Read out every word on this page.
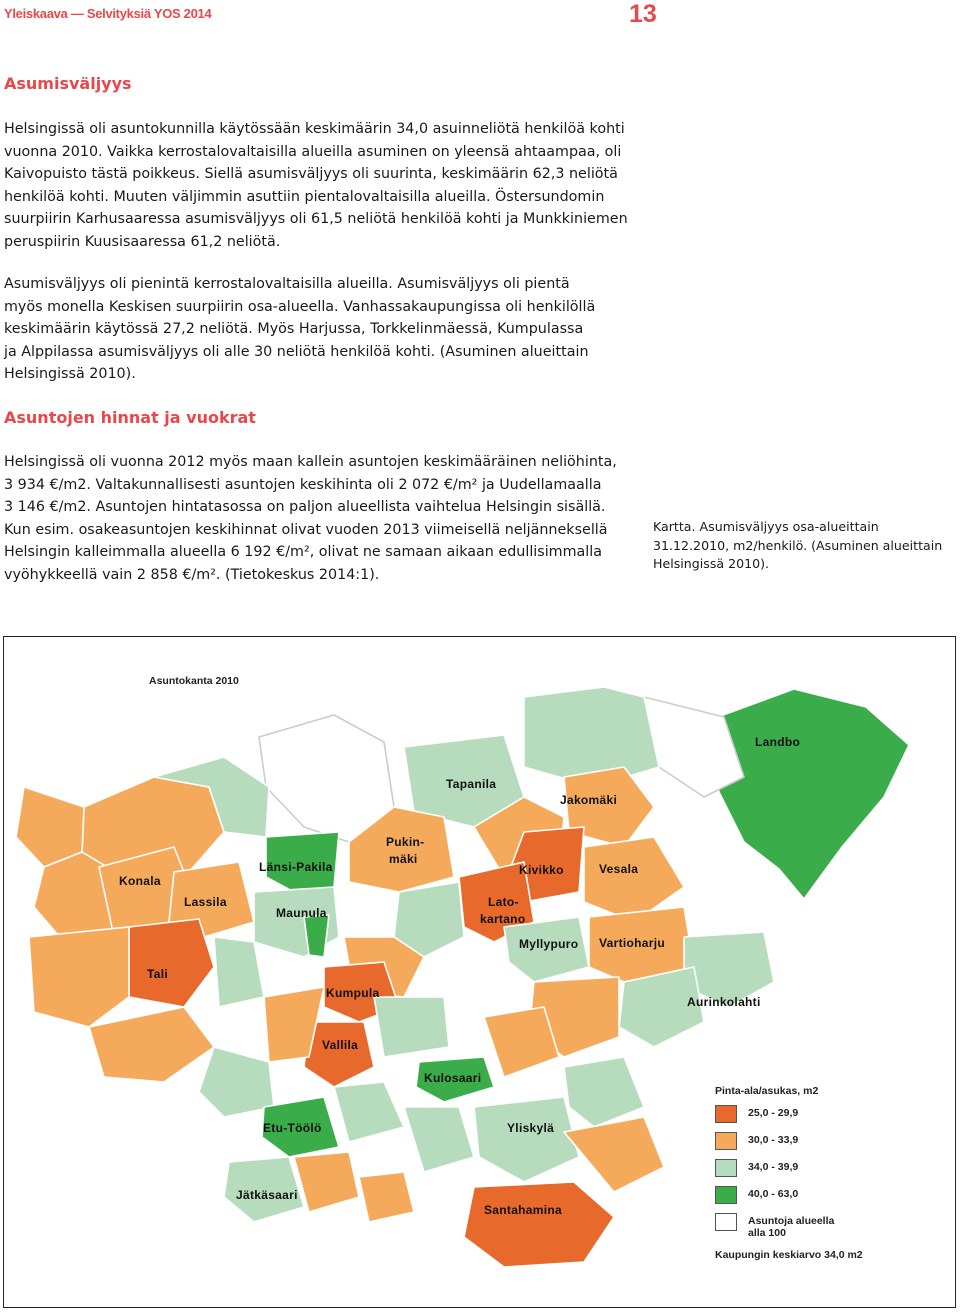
Yleiskaava — Selvityksiä YOS 2014	13
Asumisväljyys
Helsingissä oli asuntokunnilla käytössään keskimäärin 34,0 asuinneliötä henkilöä kohti
vuonna 2010. Vaikka kerrostalovaltaisilla alueilla asuminen on yleensä ahtaampaa, oli
Kaivopuisto tästä poikkeus. Siellä asumisväljyys oli suurinta, keskimäärin 62,3 neliötä
henkilöä kohti. Muuten väljimmin asuttiin pientalovaltaisilla alueilla. Östersundomin
suurpiirin Karhusaaressa asumisväljyys oli 61,5 neliötä henkilöä kohti ja Munkkiniemen
peruspiirin Kuusisaaressa 61,2 neliötä.
Asumisväljyys oli pienintä kerrostalovaltaisilla alueilla. Asumisväljyys oli pientä
myös monella Keskisen suurpiirin osa-alueella. Vanhassakaupungissa oli henkilöllä
keskimäärin käytössä 27,2 neliötä. Myös Harjussa, Torkkelinmäessä, Kumpulassa
ja Alppilassa asumisväljyys oli alle 30 neliötä henkilöä kohti. (Asuminen alueittain
Helsingissä 2010).
Asuntojen hinnat ja vuokrat
Helsingissä oli vuonna 2012 myös maan kallein asuntojen keskimääräinen neliöhinta,
3 934 €/m2. Valtakunnallisesti asuntojen keskihinta oli 2 072 €/m² ja Uudellamaalla
3 146 €/m2. Asuntojen hintatasossa on paljon alueellista vaihtelua Helsingin sisällä.
Kun esim. osakeasuntojen keskihinnat olivat vuoden 2013 viimeisellä neljänneksellä
Helsingin kalleimmalla alueella 6 192 €/m², olivat ne samaan aikaan edullisimmalla
vyöhykkeellä vain 2 858 €/m². (Tietokeskus 2014:1).
Kartta. Asumisväljyys osa-alueittain
31.12.2010, m2/henkilö. (Asuminen alueittain
Helsingissä 2010).
Asuntokanta 2010
Landbo
Tapanila
Jakomäki
Pukin-
mäki
Länsi-Pakila
Konala
Kivikko	Vesala
Lassila
Maunula
Lato-
kartano
Myllypuro Vartioharju
Tali
Kumpula
Aurinkolahti
Vallila
Kulosaari
Etu-Töölö	Yliskylä
Jätkäsaari
Santahamina
Pinta-ala/asukas, m2
25,0 - 29,9
30,0 - 33,9
34,0 - 39,9
40,0 - 63,0
Asuntoja alueella alla 100
Kaupungin keskiarvo 34,0 m2
